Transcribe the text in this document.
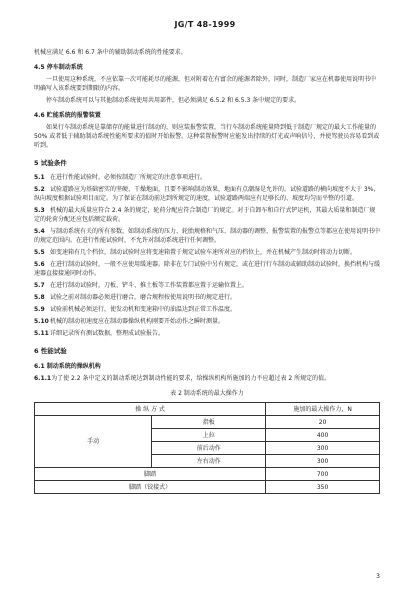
JG/T 48-1999

机械应满足 6.6 和 6.7 条中的辅助制动系统的性能要求。

4.5 停车制动系统

一旦使用这种系统，不应依靠一次可能耗尽的能源，但对附着在有富余的能源者除外，同时，制造厂家应在机器使用说明书中明确写入该系统要到期限的内容。

停车制动系统可以与其他制动系统使用共用部件，但必须满足 6.5.2 和 6.5.3 条中规定的要求。

4.6 贮能系统的报警装置

如果行车制动系统是靠储存的能量进行制动的，则应装报警装置，当行车制动系统能量降到低于制造厂规定的最大工作能量的 50% 或者低于辅助制动系统性能所要求的值时开始报警。这种装置报警时应能发出持续的灯光或声响信号，并使驾驶员容易看到或听到。

5 试验条件
5.1 在进行性能试验时，必须按制造厂所规定的注意事项进行。
5.2 试验道路应为基础密实的坚硬、干燥地面，且要不影响制动效果，地面有点潮湿是允许的。试验道路的横向坡度不大于 3%，纵向坡度根据试验项目而定。为了保证在制动前达到所规定的速度，试验道路两端应有足够长的、坡度均匀而平整的引道。
5.3 机械的最大质量应符合 2.4 条的规定，轮荷分配应符合制造厂的规定。对于自卸车和自行式铲运机，其最大质量和制造厂规定的轮荷分配还应包括额定载荷。
5.4 与制动系统有关的所有参数，如制动系统的压力、轮胎规格和气压、制动器的调整、报警装置的报警点等都应在使用说明书中的规定范围内。在进行性能试验时，不允许对制动系统进行任何调整。
5.5 如变速箱有几个档位，制动试验时应将变速箱置于规定试验车速所对应的档位上，并在机械产生制动时将动力切断。
5.6 在进行制动试验时，一般不应使用缓速器。除非在专门试验中另有规定，或在进行行车制动或辅助制动试验时，换挡机构与缓速器直接接通同时动作。
5.7 在进行制动试验时，刀板、铲斗、推土板等工作装置都应置于运输位置上。
5.8 试验之前对制动器必须进行磨合，磨合规程按使用说明书的规定进行。
5.9 试验前机械必须运行，使发动机和变速箱中的油温达到正常工作温度。
5.10机械的制动初速度应在制动器操纵机构刚要开始动作之瞬时测量。
5.11详细记录所有测试数据，整理成试验报告。
6 性能试验
6.1 制动系统的操纵机构
6.1.1为了使 2.2 条中定义的制动系统达到制动性能的要求，给操纵机构所施加的力不应超过表 2 所规定的值。
表 2 制动系统的最大操作力
操 纵 方 式		施加的最大操作力，N
手动	指板	20
	上拉	400
	前后动作	300
	左右动作	300
脚踏		700
脚踏（铰接式）		350
3
